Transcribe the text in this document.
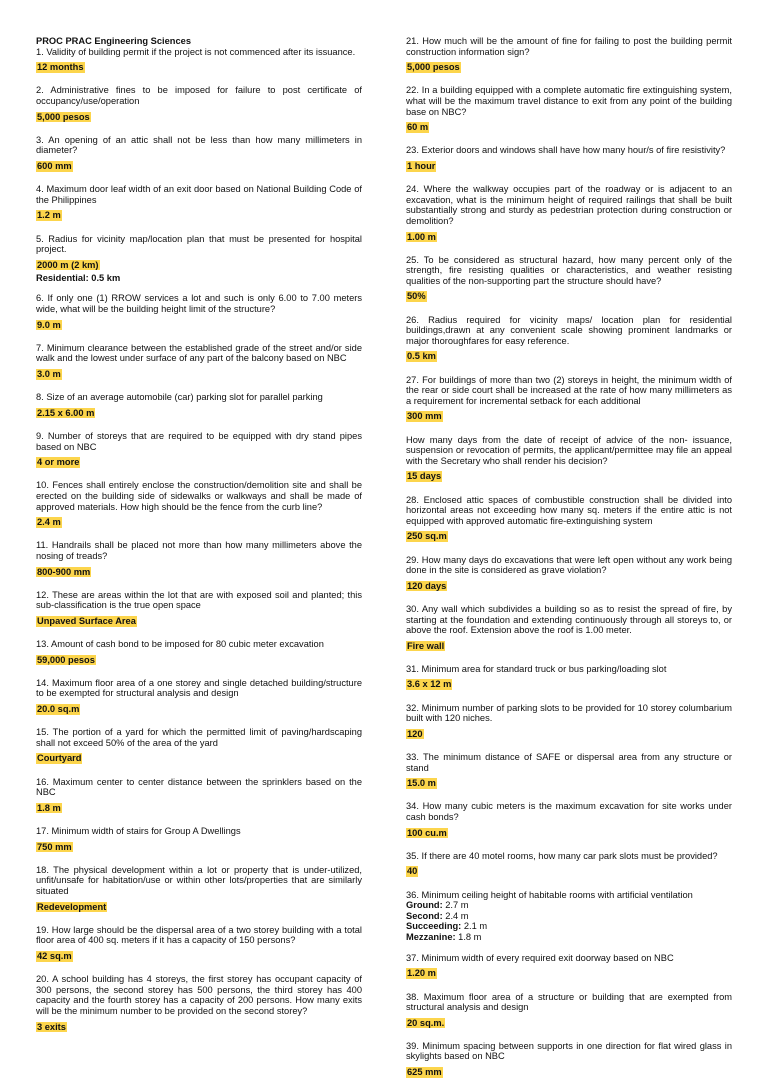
PROC PRAC Engineering Sciences

1. Validity of building permit if the project is not commenced after its issuance.

12 months

2. Administrative fines to be imposed for failure to post certificate of occupancy/use/operation

5,000 pesos

3. An opening of an attic shall not be less than how many millimeters in diameter?

600 mm

4. Maximum door leaf width of an exit door based on National Building Code of the Philippines

1.2 m

5. Radius for vicinity map/location plan that must be presented for hospital project.

2000 m (2 km)
Residential: 0.5 km

6. If only one (1) RROW services a lot and such is only 6.00 to 7.00 meters wide, what will be the building height limit of the structure?

9.0 m

7. Minimum clearance between the established grade of the street and/or side walk and the lowest under surface of any part of the balcony based on NBC

3.0 m

8. Size of an average automobile (car) parking slot for parallel parking

2.15 x 6.00 m

9. Number of storeys that are required to be equipped with dry stand pipes based on NBC

4 or more

10. Fences shall entirely enclose the construction/demolition site and shall be erected on the building side of sidewalks or walkways and shall be made of approved materials. How high should be the fence from the curb line?

2.4 m

11. Handrails shall be placed not more than how many millimeters above the nosing of treads?

800-900 mm

12. These are areas within the lot that are with exposed soil and planted; this sub-classification is the true open space

Unpaved Surface Area

13. Amount of cash bond to be imposed for 80 cubic meter excavation

59,000 pesos

14. Maximum floor area of a one storey and single detached building/structure to be exempted for structural analysis and design

20.0 sq.m

15. The portion of a yard for which the permitted limit of paving/hardscaping shall not exceed 50% of the area of the yard

Courtyard

16. Maximum center to center distance between the sprinklers based on the NBC

1.8 m

17. Minimum width of stairs for Group A Dwellings

750 mm

18. The physical development within a lot or property that is under-utilized, unfit/unsafe for habitation/use or within other lots/properties that are similarly situated

Redevelopment

19. How large should be the dispersal area of a two storey building with a total floor area of 400 sq. meters if it has a capacity of 150 persons?

42 sq.m

20. A school building has 4 storeys, the first storey has occupant capacity of 300 persons, the second storey has 500 persons, the third storey has 400 capacity and the fourth storey has a capacity of 200 persons. How many exits will be the minimum number to be provided on the second storey?

3 exits

21. How much will be the amount of fine for failing to post the building permit construction information sign?

5,000 pesos

22. In a building equipped with a complete automatic fire extinguishing system, what will be the maximum travel distance to exit from any point of the building base on NBC?

60 m

23. Exterior doors and windows shall have how many hour/s of fire resistivity?

1 hour

24. Where the walkway occupies part of the roadway or is adjacent to an excavation, what is the minimum height of required railings that shall be built substantially strong and sturdy as pedestrian protection during construction or demolition?

1.00 m

25. To be considered as structural hazard, how many percent only of the strength, fire resisting qualities or characteristics, and weather resisting qualities of the non-supporting part the structure should have?

50%

26. Radius required for vicinity maps/ location plan for residential buildings,drawn at any convenient scale showing prominent landmarks or major thoroughfares for easy reference.

0.5 km

27. For buildings of more than two (2) storeys in height, the minimum width of the rear or side court shall be increased at the rate of how many millimeters as a requirement for incremental setback for each additional

300 mm

How many days from the date of receipt of advice of the non- issuance, suspension or revocation of permits, the applicant/permittee may file an appeal with the Secretary who shall render his decision?

15 days

28. Enclosed attic spaces of combustible construction shall be divided into horizontal areas not exceeding how many sq. meters if the entire attic is not equipped with approved automatic fire-extinguishing system

250 sq.m

29. How many days do excavations that were left open without any work being done in the site is considered as grave violation?

120 days

30. Any wall which subdivides a building so as to resist the spread of fire, by starting at the foundation and extending continuously through all storeys to, or above the roof. Extension above the roof is 1.00 meter.

Fire wall

31. Minimum area for standard truck or bus parking/loading slot

3.6 x 12 m

32. Minimum number of parking slots to be provided for 10 storey columbarium built with 120 niches.

120

33. The minimum distance of SAFE or dispersal area from any structure or stand

15.0 m

34. How many cubic meters is the maximum excavation for site works under cash bonds?

100 cu.m

35. If there are 40 motel rooms, how many car park slots must be provided?

40

36. Minimum ceiling height of habitable rooms with artificial ventilation

Ground: 2.7 m
Second: 2.4 m
Succeeding: 2.1 m
Mezzanine: 1.8 m

37. Minimum width of every required exit doorway based on NBC

1.20 m

38. Maximum floor area of a structure or building that are exempted from structural analysis and design

20 sq.m.

39. Minimum spacing between supports in one direction for flat wired glass in skylights based on NBC

625 mm
